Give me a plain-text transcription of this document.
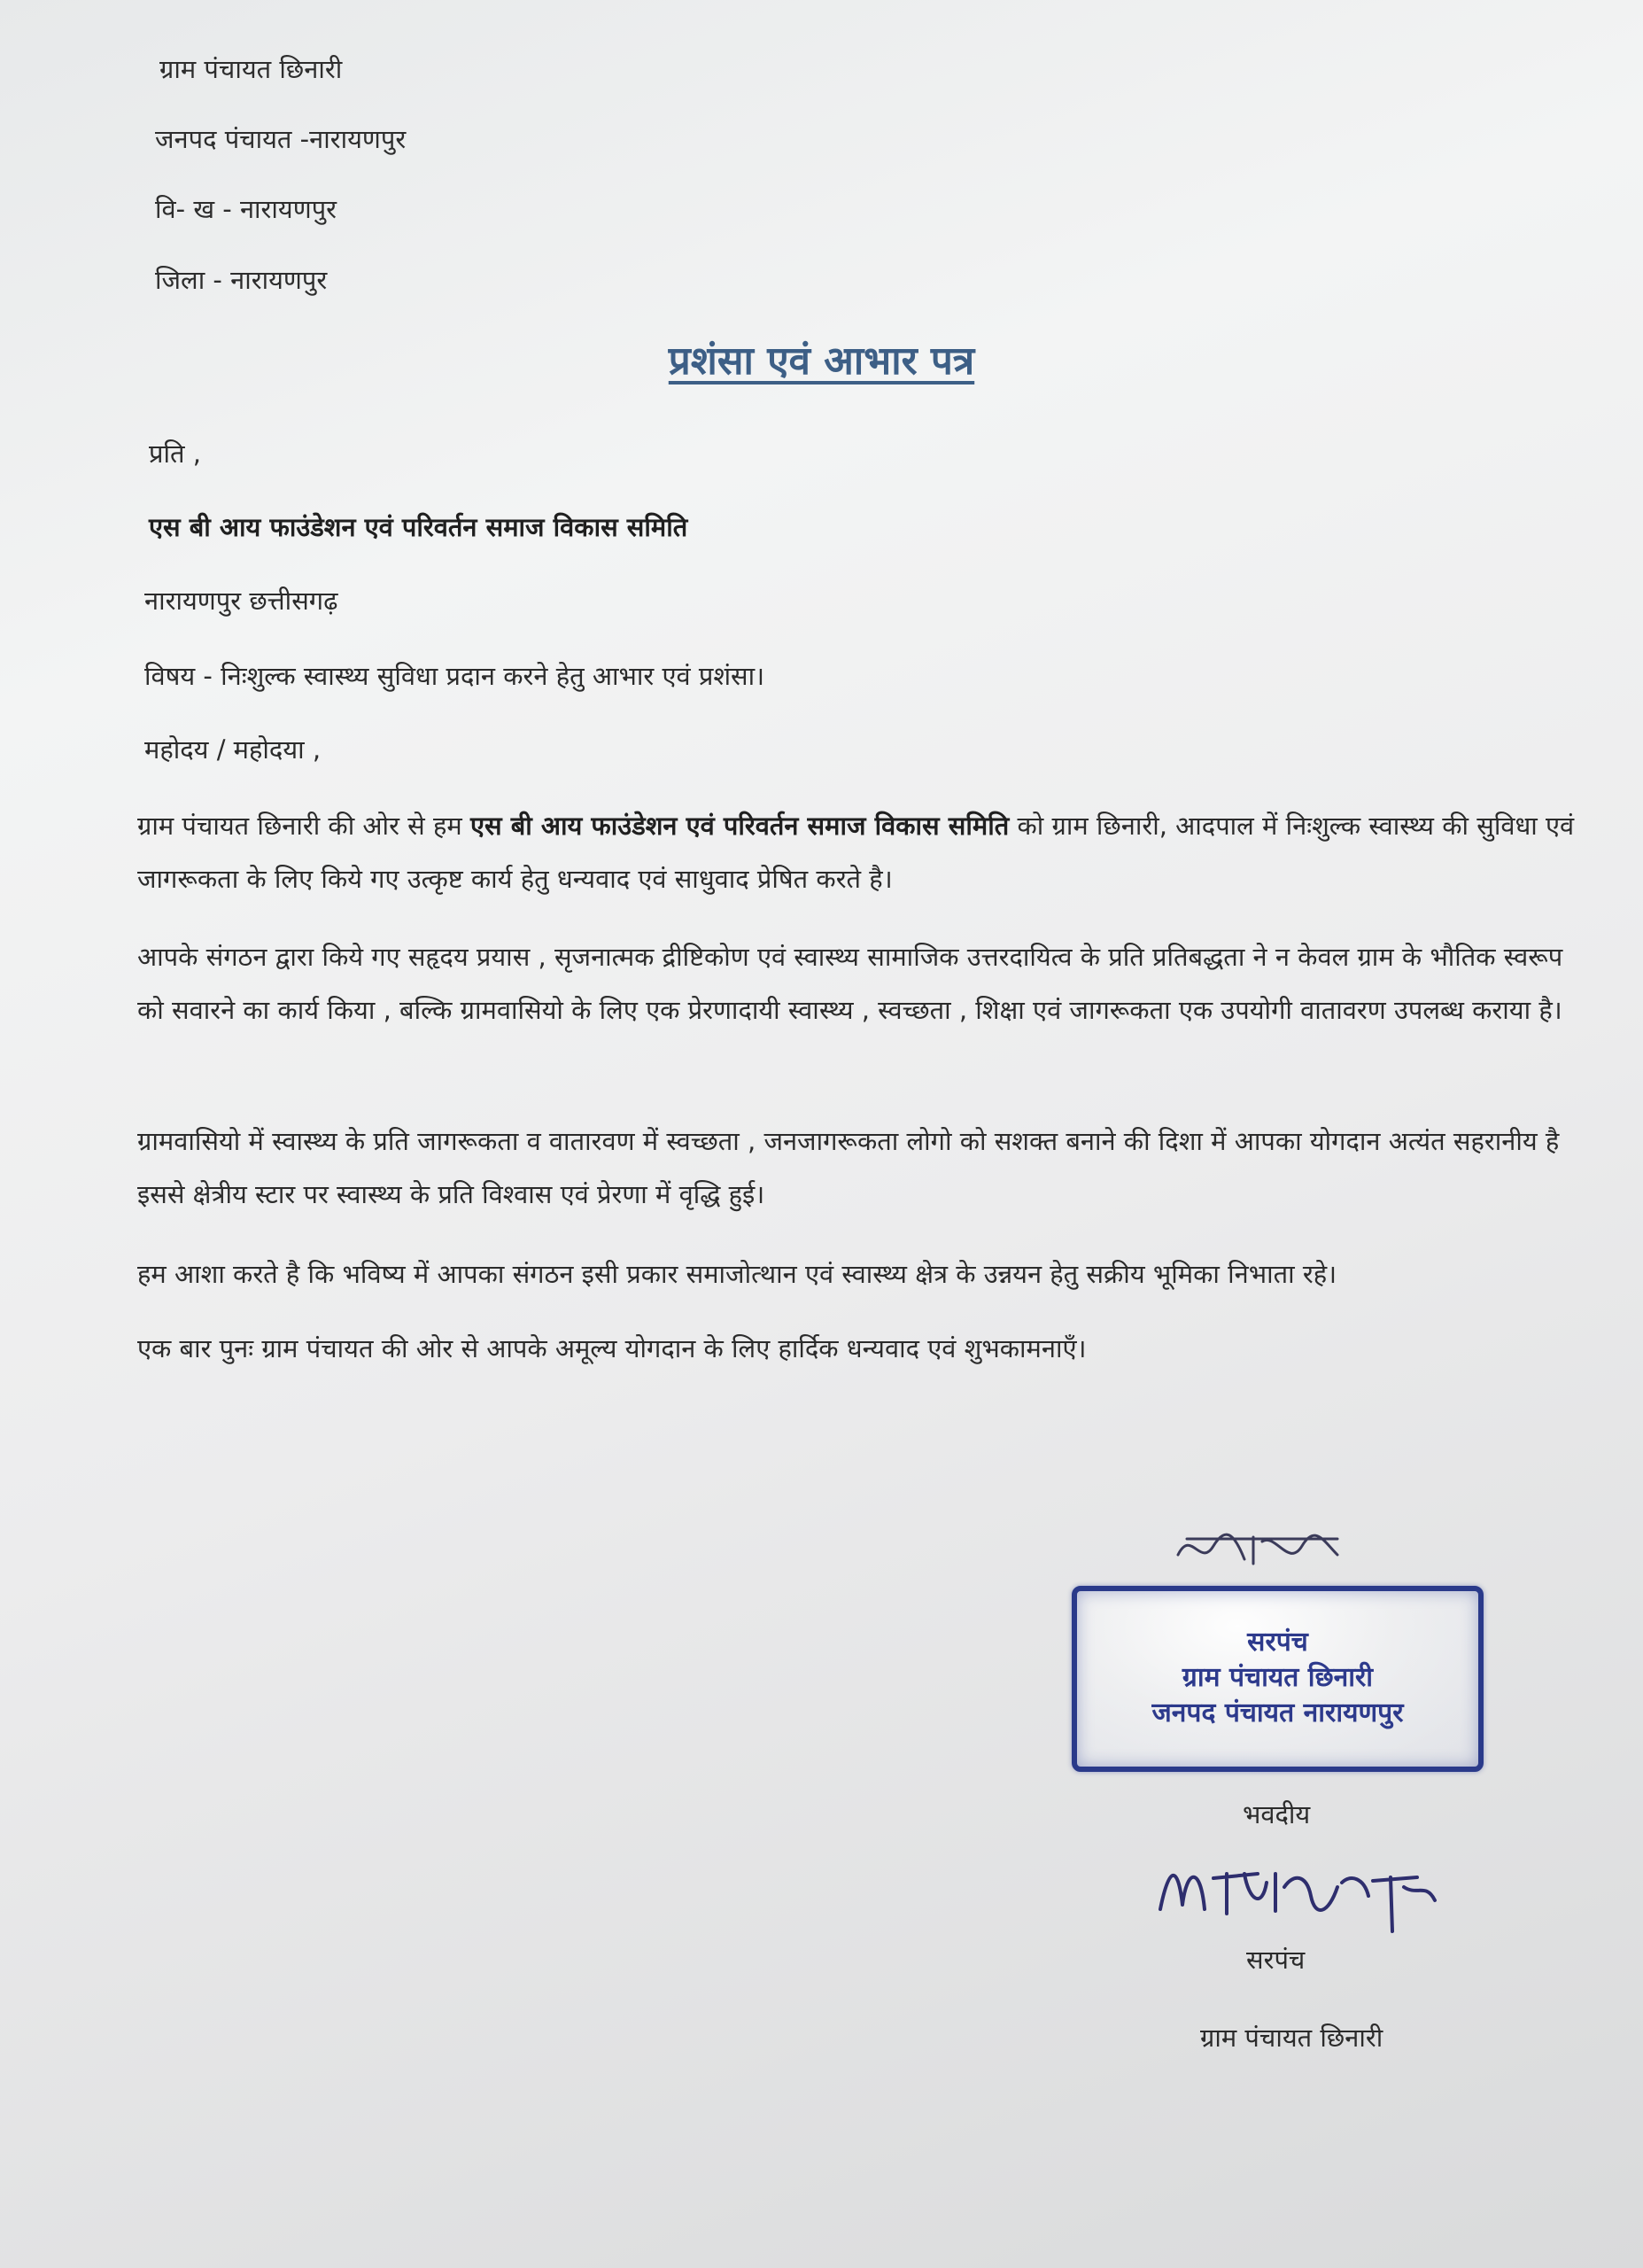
ग्राम पंचायत छिनारी
जनपद पंचायत -नारायणपुर
वि- ख - नारायणपुर
जिला - नारायणपुर
प्रशंसा एवं आभार पत्र
प्रति ,
एस बी आय फाउंडेशन एवं परिवर्तन समाज विकास समिति
नारायणपुर छत्तीसगढ़
विषय - निःशुल्क स्वास्थ्य सुविधा प्रदान करने हेतु आभार एवं प्रशंसा।
महोदय / महोदया ,
ग्राम पंचायत छिनारी की ओर से हम एस बी आय फाउंडेशन एवं परिवर्तन समाज विकास समिति को ग्राम छिनारी, आदपाल में निःशुल्क स्वास्थ्य की सुविधा एवं जागरूकता के लिए किये गए उत्कृष्ट कार्य हेतु धन्यवाद एवं साधुवाद प्रेषित करते है।
आपके संगठन द्वारा किये गए सहृदय प्रयास , सृजनात्मक द्रीष्टिकोण एवं स्वास्थ्य सामाजिक उत्तरदायित्व के प्रति प्रतिबद्धता ने न केवल ग्राम के भौतिक स्वरूप को सवारने का कार्य किया , बल्कि ग्रामवासियो के लिए एक प्रेरणादायी स्वास्थ्य , स्वच्छता , शिक्षा एवं जागरूकता एक उपयोगी वातावरण उपलब्ध कराया है।
ग्रामवासियो में स्वास्थ्य के प्रति जागरूकता व वातारवण में स्वच्छता , जनजागरूकता लोगो को सशक्त बनाने की दिशा में आपका योगदान अत्यंत सहरानीय है इससे क्षेत्रीय स्टार पर स्वास्थ्य के प्रति विश्वास एवं प्रेरणा में वृद्धि हुई।
हम आशा करते है कि भविष्य में आपका संगठन इसी प्रकार समाजोत्थान एवं स्वास्थ्य क्षेत्र के उन्नयन हेतु सक्रीय भूमिका निभाता रहे।
एक बार पुनः ग्राम पंचायत की ओर से आपके अमूल्य योगदान के लिए हार्दिक धन्यवाद एवं शुभकामनाएँ।
सरपंच
ग्राम पंचायत छिनारी
जनपद पंचायत नारायणपुर
भवदीय
सरपंच
ग्राम पंचायत छिनारी
